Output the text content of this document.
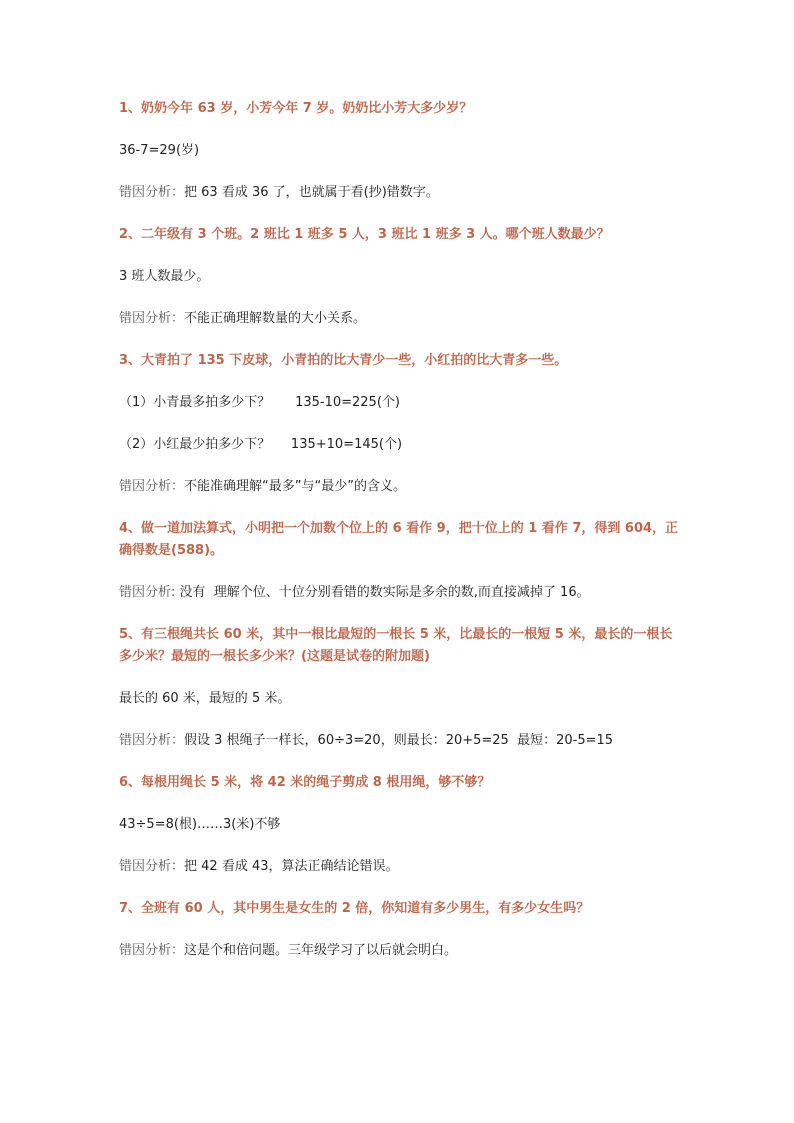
1、奶奶今年 63 岁，小芳今年 7 岁。奶奶比小芳大多少岁？
36-7=29(岁)
错因分析：把 63 看成 36 了，也就属于看(抄)错数字。
2、二年级有 3 个班。2 班比 1 班多 5 人，3 班比 1 班多 3 人。哪个班人数最少？
3 班人数最少。
错因分析：不能正确理解数量的大小关系。
3、大青拍了 135 下皮球，小青拍的比大青少一些，小红拍的比大青多一些。
（1）小青最多拍多少下？      135-10=225(个)
（2）小红最少拍多少下？     135+10=145(个)
错因分析：不能准确理解“最多”与“最少”的含义。
4、做一道加法算式，小明把一个加数个位上的 6 看作 9，把十位上的 1 看作 7，得到 604，正确得数是(588)。
错因分析: 没有  理解个位、十位分别看错的数实际是多余的数,而直接减掉了 16。
5、有三根绳共长 60 米，其中一根比最短的一根长 5 米，比最长的一根短 5 米，最长的一根长多少米？最短的一根长多少米？(这题是试卷的附加题)
最长的 60 米，最短的 5 米。
错因分析：假设 3 根绳子一样长，60÷3=20，则最长：20+5=25  最短：20-5=15
6、每根用绳长 5 米，将 42 米的绳子剪成 8 根用绳，够不够？
43÷5=8(根)……3(米)不够
错因分析：把 42 看成 43，算法正确结论错误。
7、全班有 60 人，其中男生是女生的 2 倍，你知道有多少男生，有多少女生吗？
错因分析：这是个和倍问题。三年级学习了以后就会明白。
